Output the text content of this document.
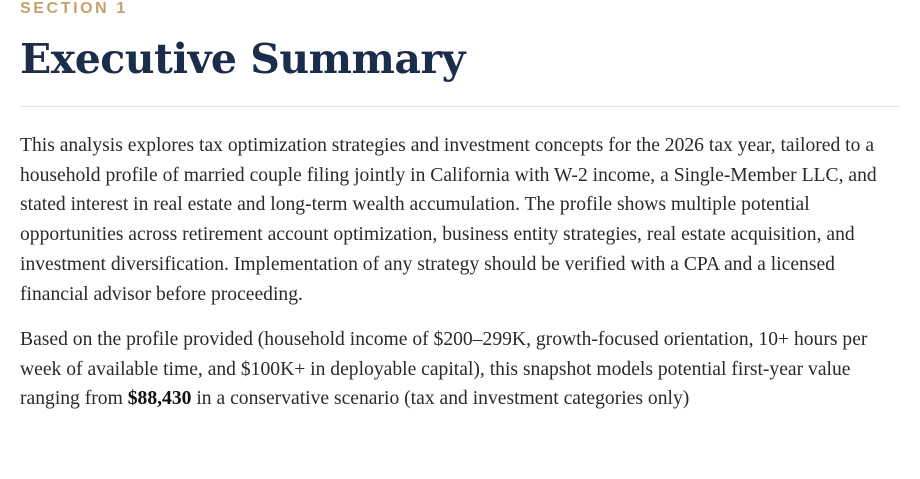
SECTION 1
Executive Summary

This analysis explores tax optimization strategies and investment concepts for the 2026 tax year, tailored to a household profile of married couple filing jointly in California with W-2 income, a Single-Member LLC, and stated interest in real estate and long-term wealth accumulation. The profile shows multiple potential opportunities across retirement account optimization, business entity strategies, real estate acquisition, and investment diversification. Implementation of any strategy should be verified with a CPA and a licensed financial advisor before proceeding.

Based on the profile provided (household income of $200–299K, growth-focused orientation, 10+ hours per week of available time, and $100K+ in deployable capital), this snapshot models potential first-year value ranging from $88,430 in a conservative scenario (tax and investment categories only)
